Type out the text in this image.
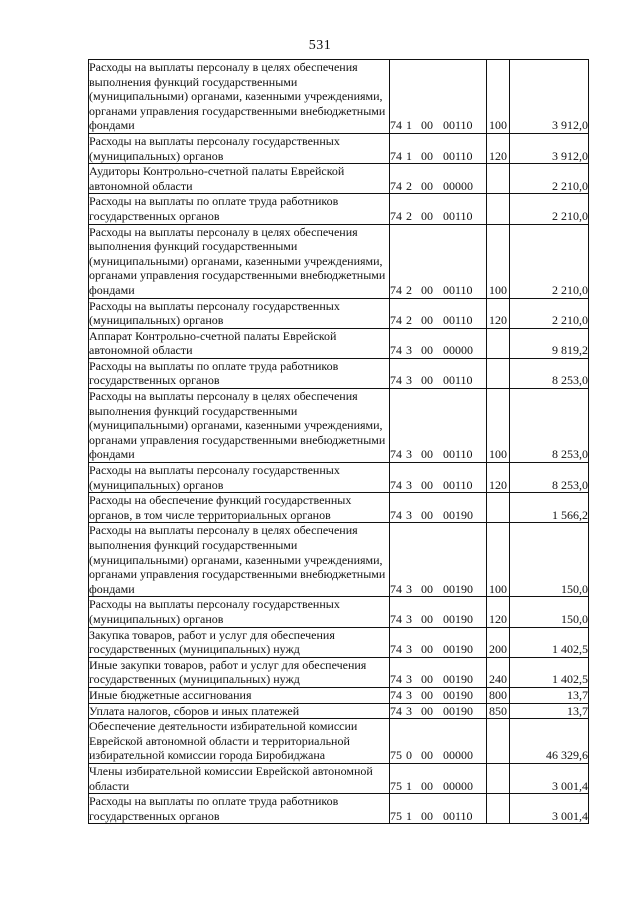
531
Расходы на выплаты персоналу в целях обеспечения выполнения функций государственными (муниципальными) органами, казенными учреждениями, органами управления государственными внебюджетными фондами	74 1 00 00110	100	3 912,0
Расходы на выплаты персоналу государственных (муниципальных) органов	74 1 00 00110	120	3 912,0
Аудиторы Контрольно-счетной палаты Еврейской автономной области	74 2 00 00000		2 210,0
Расходы на выплаты по оплате труда работников государственных органов	74 2 00 00110		2 210,0
Расходы на выплаты персоналу в целях обеспечения выполнения функций государственными (муниципальными) органами, казенными учреждениями, органами управления государственными внебюджетными фондами	74 2 00 00110	100	2 210,0
Расходы на выплаты персоналу государственных (муниципальных) органов	74 2 00 00110	120	2 210,0
Аппарат Контрольно-счетной палаты Еврейской автономной области	74 3 00 00000		9 819,2
Расходы на выплаты по оплате труда работников государственных органов	74 3 00 00110		8 253,0
Расходы на выплаты персоналу в целях обеспечения выполнения функций государственными (муниципальными) органами, казенными учреждениями, органами управления государственными внебюджетными фондами	74 3 00 00110	100	8 253,0
Расходы на выплаты персоналу государственных (муниципальных) органов	74 3 00 00110	120	8 253,0
Расходы на обеспечение функций государственных органов, в том числе территориальных органов	74 3 00 00190		1 566,2
Расходы на выплаты персоналу в целях обеспечения выполнения функций государственными (муниципальными) органами, казенными учреждениями, органами управления государственными внебюджетными фондами	74 3 00 00190	100	150,0
Расходы на выплаты персоналу государственных (муниципальных) органов	74 3 00 00190	120	150,0
Закупка товаров, работ и услуг для обеспечения государственных (муниципальных) нужд	74 3 00 00190	200	1 402,5
Иные закупки товаров, работ и услуг для обеспечения государственных (муниципальных) нужд	74 3 00 00190	240	1 402,5
Иные бюджетные ассигнования	74 3 00 00190	800	13,7
Уплата налогов, сборов и иных платежей	74 3 00 00190	850	13,7
Обеспечение деятельности избирательной комиссии Еврейской автономной области и территориальной избирательной комиссии города Биробиджана	75 0 00 00000		46 329,6
Члены избирательной комиссии Еврейской автономной области	75 1 00 00000		3 001,4
Расходы на выплаты по оплате труда работников государственных органов	75 1 00 00110		3 001,4
